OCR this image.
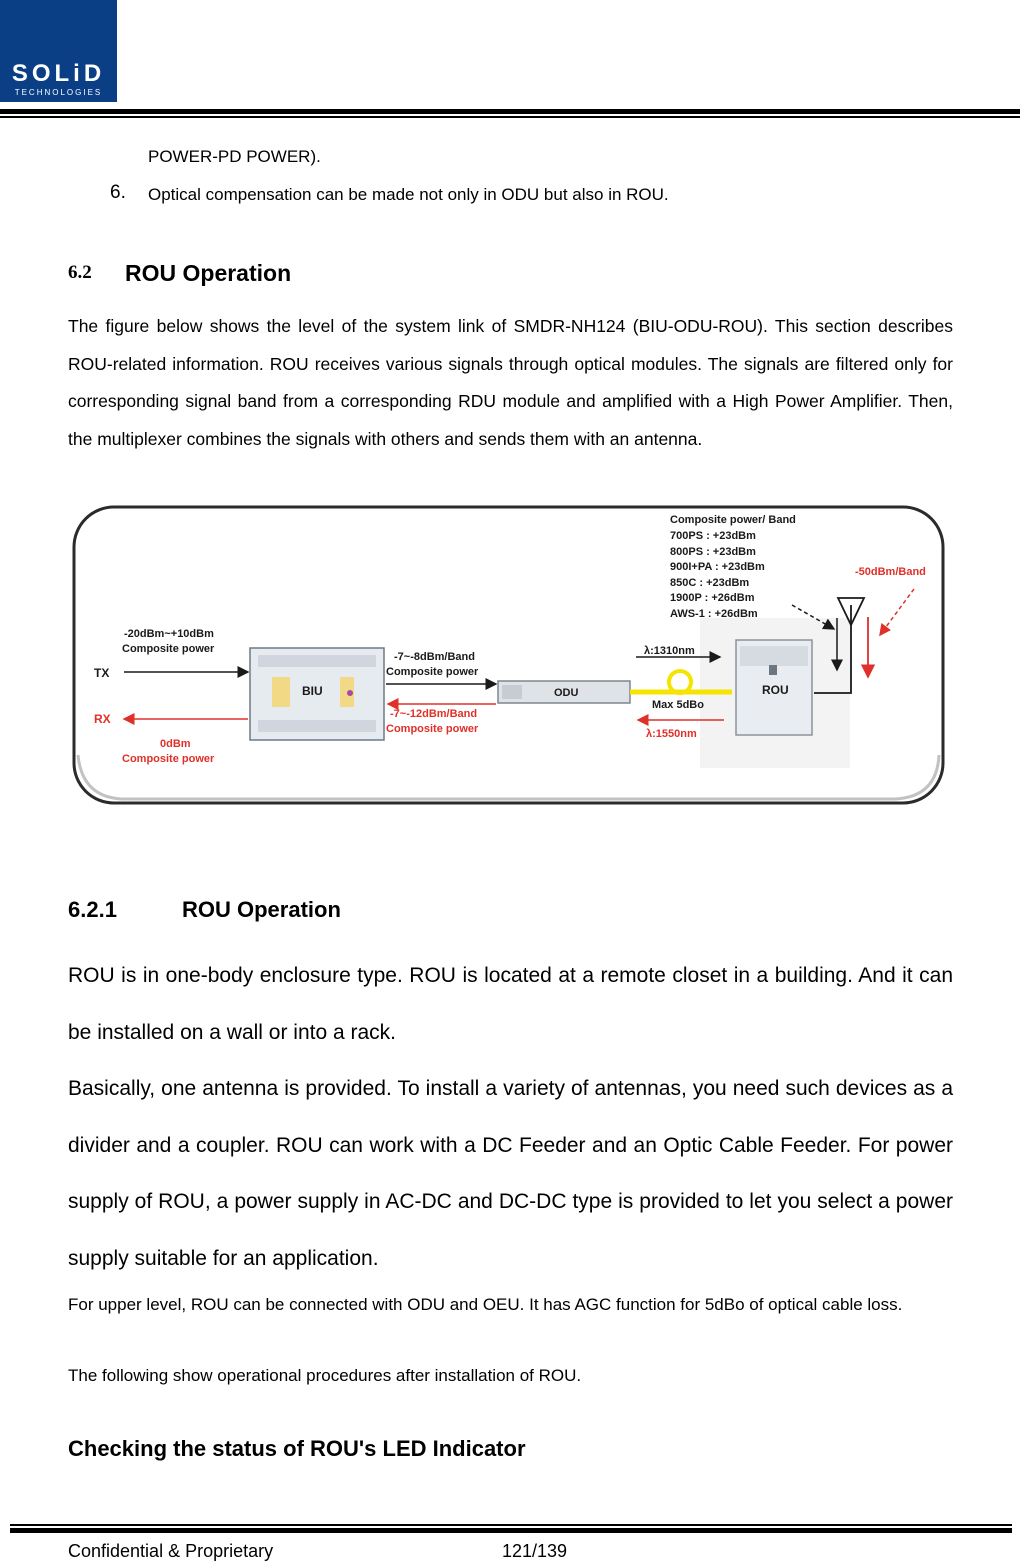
SOLiD
TECHNOLOGIES
POWER-PD POWER).
6. Optical compensation can be made not only in ODU but also in ROU.
6.2 ROU Operation
The figure below shows the level of the system link of SMDR-NH124 (BIU-ODU-ROU). This section describes ROU-related information. ROU receives various signals through optical modules. The signals are filtered only for corresponding signal band from a corresponding RDU module and amplified with a High Power Amplifier. Then, the multiplexer combines the signals with others and sends them with an antenna.
TX
RX
-20dBm~+10dBm
Composite power
0dBm
Composite power
BIU
-7~-8dBm/Band
Composite power
-7~-12dBm/Band
Composite power
ODU
λ:1310nm
Max 5dBo
λ:1550nm
ROU
-50dBm/Band
Composite power/ Band
700PS : +23dBm
800PS : +23dBm
900I+PA : +23dBm
850C : +23dBm
1900P : +26dBm
AWS-1 : +26dBm
6.2.1	ROU Operation
ROU is in one-body enclosure type. ROU is located at a remote closet in a building. And it can be installed on a wall or into a rack.
Basically, one antenna is provided. To install a variety of antennas, you need such devices as a divider and a coupler. ROU can work with a DC Feeder and an Optic Cable Feeder. For power supply of ROU, a power supply in AC-DC and DC-DC type is provided to let you select a power supply suitable for an application.
For upper level, ROU can be connected with ODU and OEU. It has AGC function for 5dBo of optical cable loss.
The following show operational procedures after installation of ROU.
Checking the status of ROU's LED Indicator
Confidential & Proprietary	121/139
